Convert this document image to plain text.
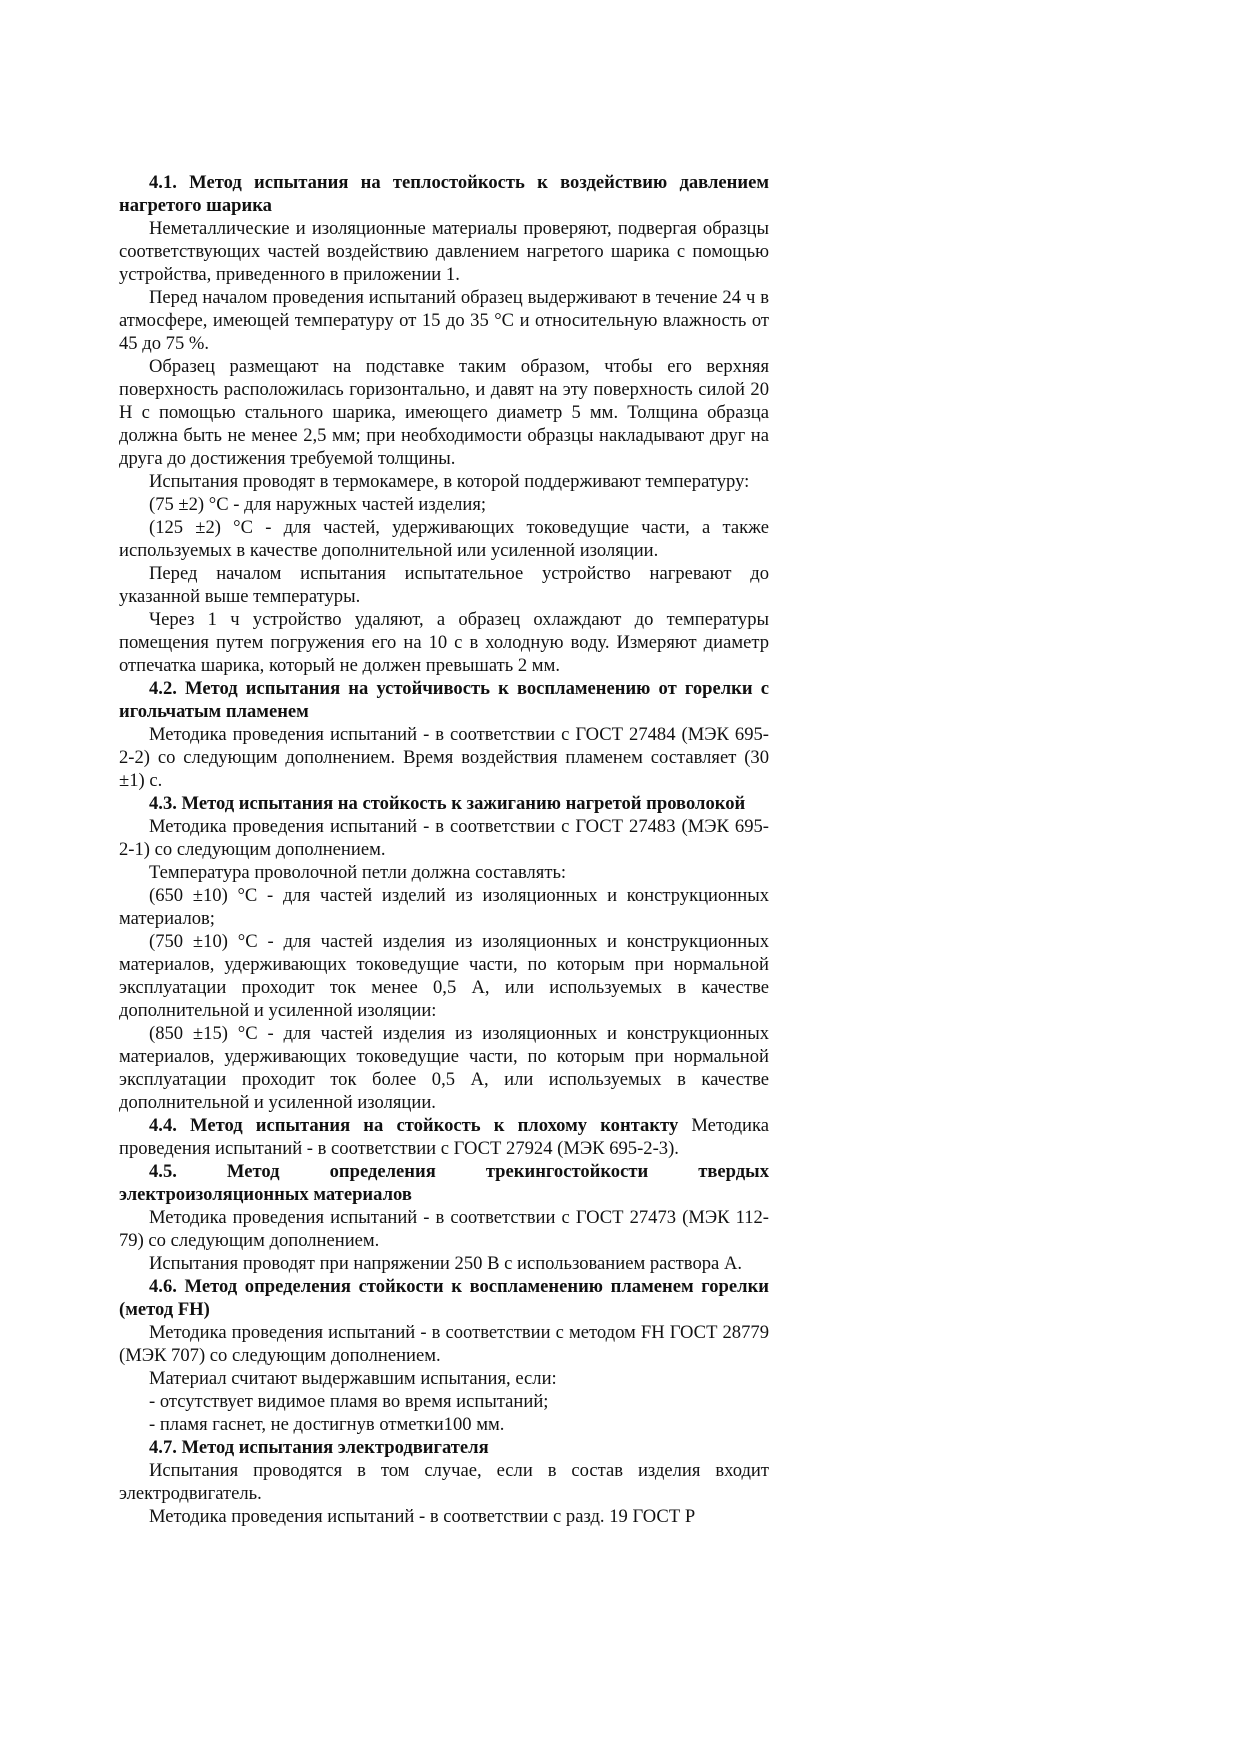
4.1. Метод испытания на теплостойкость к воздействию давлением нагретого шарика

Неметаллические и изоляционные материалы проверяют, подвергая образцы соответствующих частей воздействию давлением нагретого шарика с помощью устройства, приведенного в приложении 1.

Перед началом проведения испытаний образец выдерживают в течение 24 ч в атмосфере, имеющей температуру от 15 до 35 °С и относительную влажность от 45 до 75 %.

Образец размещают на подставке таким образом, чтобы его верхняя поверхность расположилась горизонтально, и давят на эту поверхность силой 20 Н с помощью стального шарика, имеющего диаметр 5 мм. Толщина образца должна быть не менее 2,5 мм; при необходимости образцы накладывают друг на друга до достижения требуемой толщины.

Испытания проводят в термокамере, в которой поддерживают температуру:

(75 ±2) °С - для наружных частей изделия;

(125 ±2) °С - для частей, удерживающих токоведущие части, а также используемых в качестве дополнительной или усиленной изоляции.

Перед началом испытания испытательное устройство нагревают до указанной выше температуры.

Через 1 ч устройство удаляют, а образец охлаждают до температуры помещения путем погружения его на 10 с в холодную воду. Измеряют диаметр отпечатка шарика, который не должен превышать 2 мм.

4.2. Метод испытания на устойчивость к воспламенению от горелки с игольчатым пламенем

Методика проведения испытаний - в соответствии с ГОСТ 27484 (МЭК 695-2-2) со следующим дополнением. Время воздействия пламенем составляет (30 ±1) с.

4.3. Метод испытания на стойкость к зажиганию нагретой проволокой

Методика проведения испытаний - в соответствии с ГОСТ 27483 (МЭК 695-2-1) со следующим дополнением.

Температура проволочной петли должна составлять:

(650 ±10) °С - для частей изделий из изоляционных и конструкционных материалов;

(750 ±10) °С - для частей изделия из изоляционных и конструкционных материалов, удерживающих токоведущие части, по которым при нормальной эксплуатации проходит ток менее 0,5 А, или используемых в качестве дополнительной и усиленной изоляции:

(850 ±15) °С - для частей изделия из изоляционных и конструкционных материалов, удерживающих токоведущие части, по которым при нормальной эксплуатации проходит ток более 0,5 А, или используемых в качестве дополнительной и усиленной изоляции.

4.4. Метод испытания на стойкость к плохому контакту Методика проведения испытаний - в соответствии с ГОСТ 27924 (МЭК 695-2-3).

4.5. Метод определения трекингостойкости твердых электроизоляционных материалов

Методика проведения испытаний - в соответствии с ГОСТ 27473 (МЭК 112-79) со следующим дополнением.

Испытания проводят при напряжении 250 В с использованием раствора А.

4.6. Метод определения стойкости к воспламенению пламенем горелки (метод FH)

Методика проведения испытаний - в соответствии с методом FH ГОСТ 28779 (МЭК 707) со следующим дополнением.

Материал считают выдержавшим испытания, если:

- отсутствует видимое пламя во время испытаний;

- пламя гаснет, не достигнув отметки100 мм.

4.7. Метод испытания электродвигателя

Испытания проводятся в том случае, если в состав изделия входит электродвигатель.

Методика проведения испытаний - в соответствии с разд. 19 ГОСТ Р
